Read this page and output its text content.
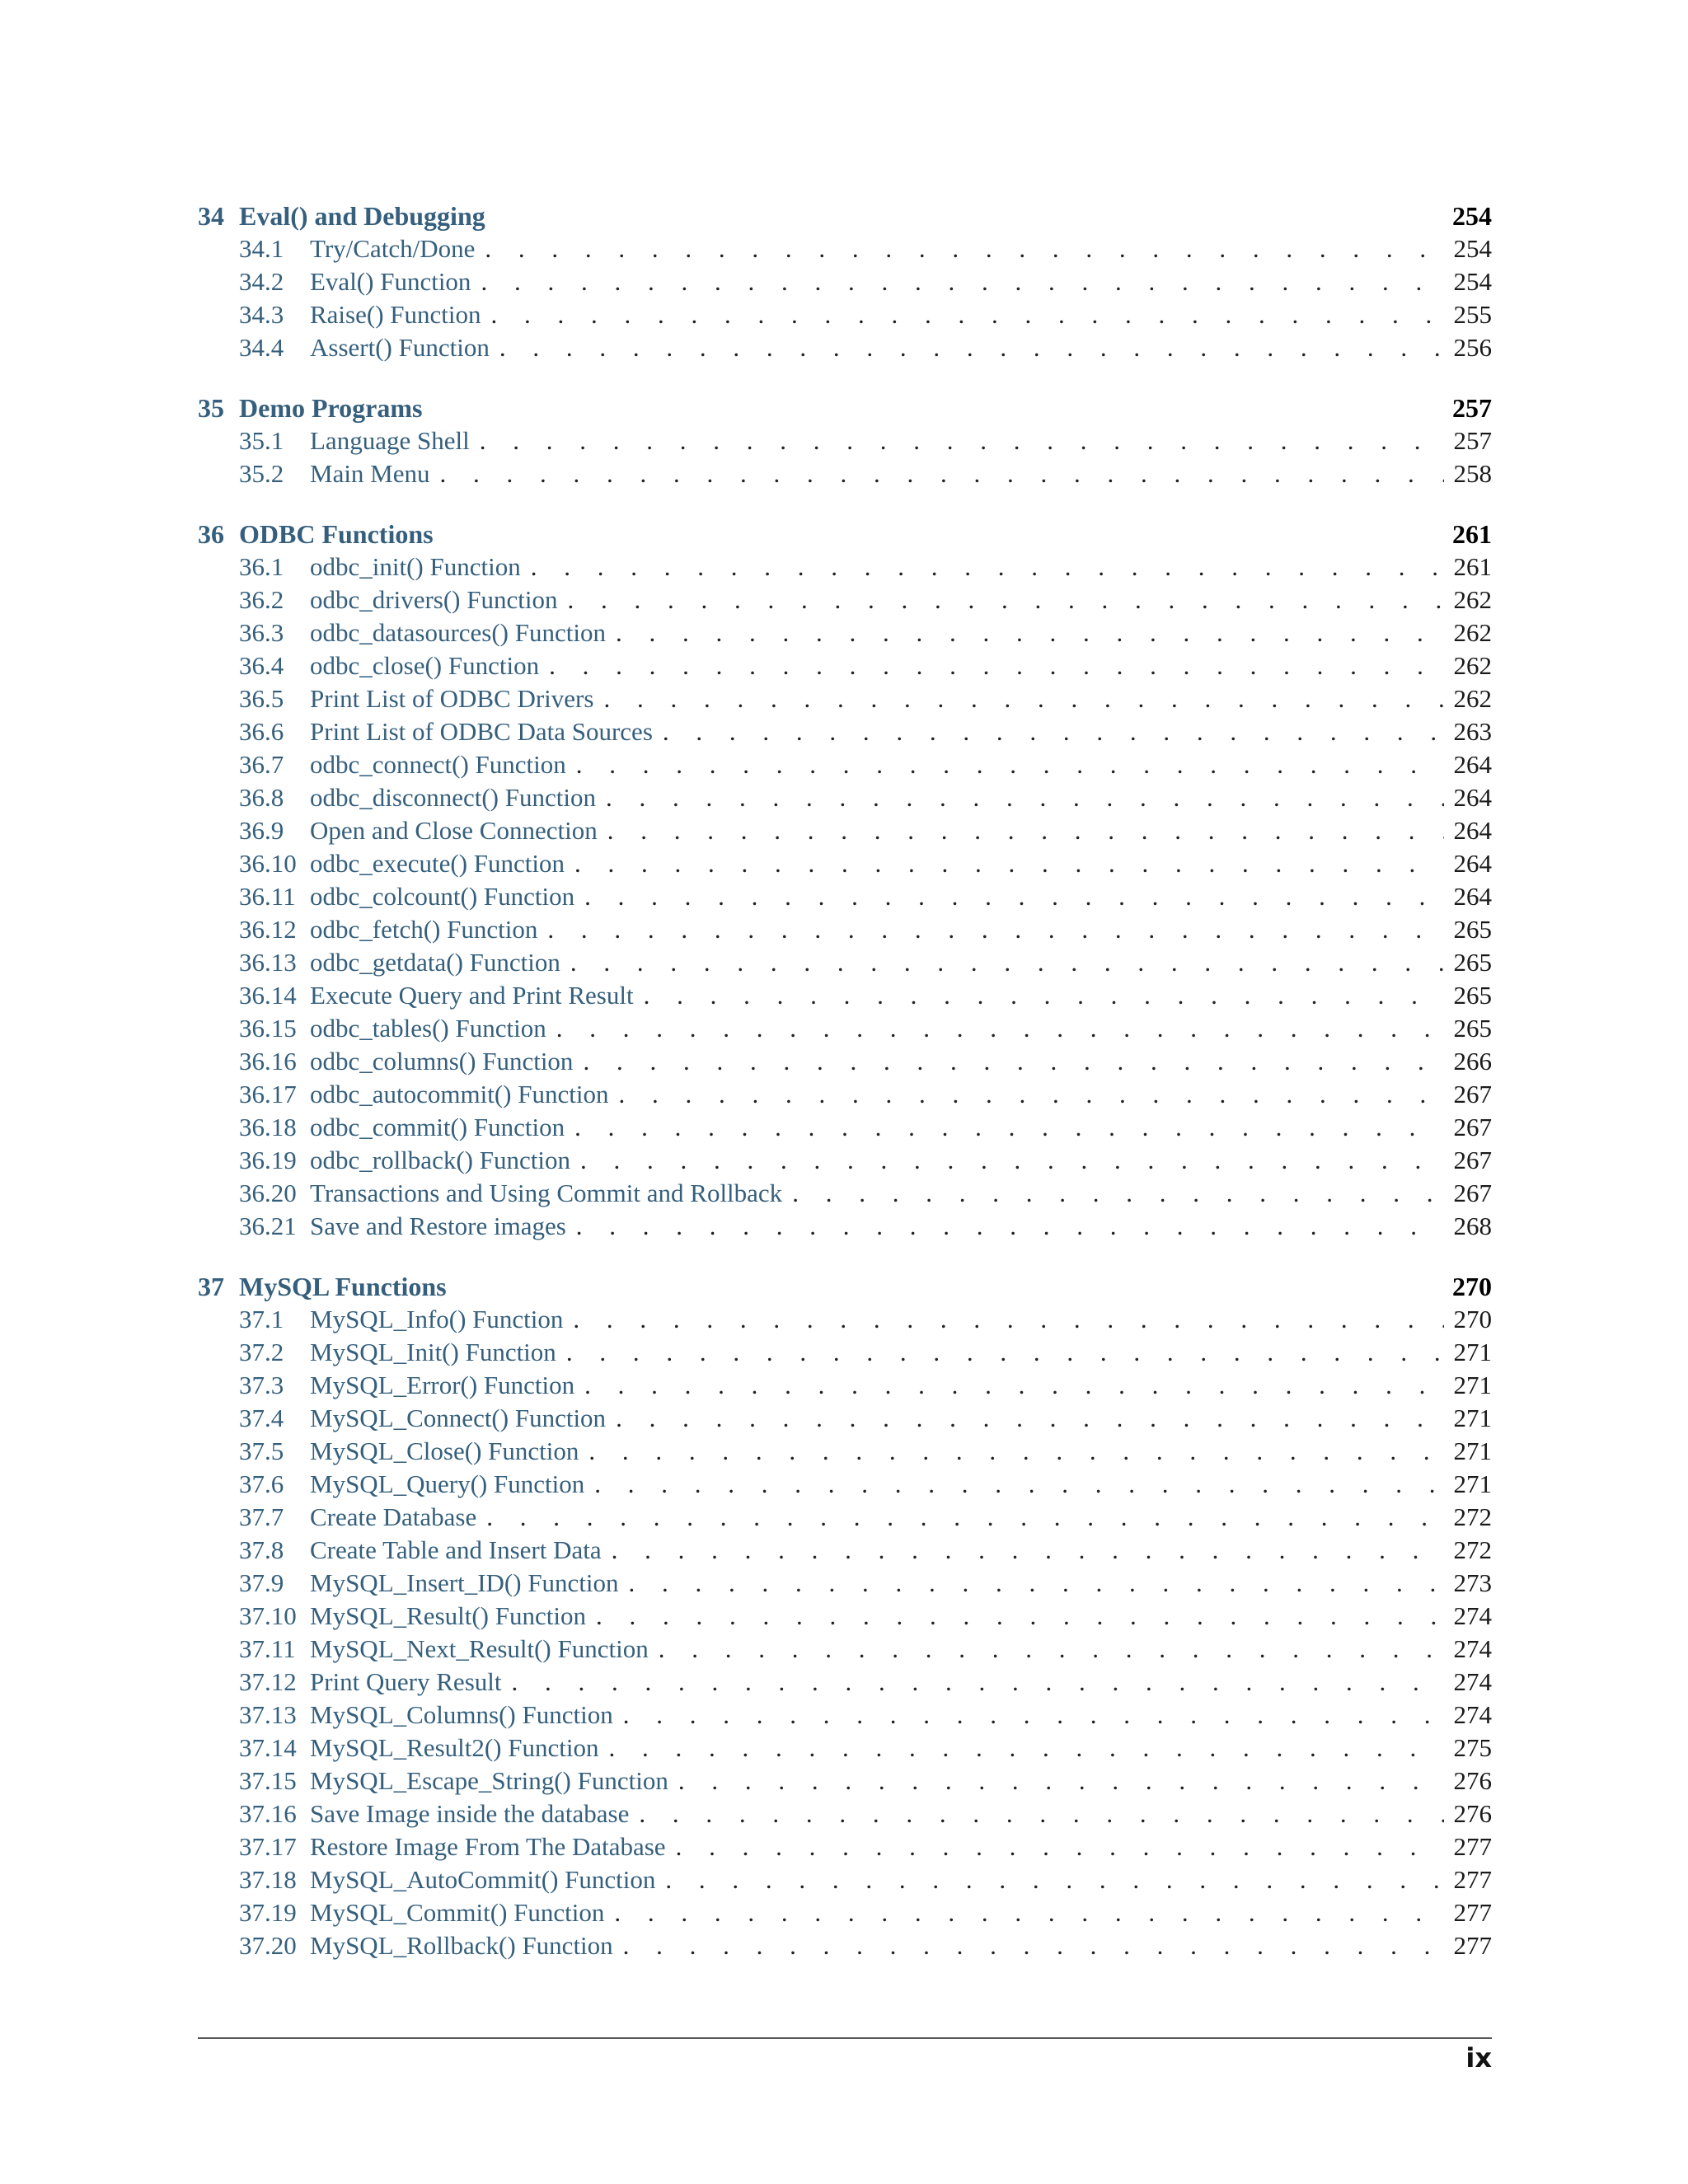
34 Eval() and Debugging	254
34.1	Try/Catch/Done . . .	254
34.2	Eval() Function . . .	254
34.3	Raise() Function . . .	255
34.4	Assert() Function . . .	256
35 Demo Programs	257
35.1	Language Shell . . .	257
35.2	Main Menu . . .	258
36 ODBC Functions	261
36.1	odbc_init() Function . . .	261
36.2	odbc_drivers() Function . . .	262
36.3	odbc_datasources() Function . . .	262
36.4	odbc_close() Function . . .	262
36.5	Print List of ODBC Drivers . . .	262
36.6	Print List of ODBC Data Sources . . .	263
36.7	odbc_connect() Function . . .	264
36.8	odbc_disconnect() Function . . .	264
36.9	Open and Close Connection . . .	264
36.10 odbc_execute() Function . . .	264
36.11 odbc_colcount() Function . . .	264
36.12 odbc_fetch() Function . . .	265
36.13 odbc_getdata() Function . . .	265
36.14 Execute Query and Print Result . . .	265
36.15 odbc_tables() Function . . .	265
36.16 odbc_columns() Function . . .	266
36.17 odbc_autocommit() Function . . .	267
36.18 odbc_commit() Function . . .	267
36.19 odbc_rollback() Function . . .	267
36.20 Transactions and Using Commit and Rollback . . .	267
36.21 Save and Restore images . . .	268
37 MySQL Functions	270
37.1	MySQL_Info() Function . . .	270
37.2	MySQL_Init() Function . . .	271
37.3	MySQL_Error() Function . . .	271
37.4	MySQL_Connect() Function . . .	271
37.5	MySQL_Close() Function . . .	271
37.6	MySQL_Query() Function . . .	271
37.7	Create Database . . .	272
37.8	Create Table and Insert Data . . .	272
37.9	MySQL_Insert_ID() Function . . .	273
37.10 MySQL_Result() Function . . .	274
37.11 MySQL_Next_Result() Function . . .	274
37.12 Print Query Result . . .	274
37.13 MySQL_Columns() Function . . .	274
37.14 MySQL_Result2() Function . . .	275
37.15 MySQL_Escape_String() Function . . .	276
37.16 Save Image inside the database . . .	276
37.17 Restore Image From The Database . . .	277
37.18 MySQL_AutoCommit() Function . . .	277
37.19 MySQL_Commit() Function . . .	277
37.20 MySQL_Rollback() Function . . .	277
ix
